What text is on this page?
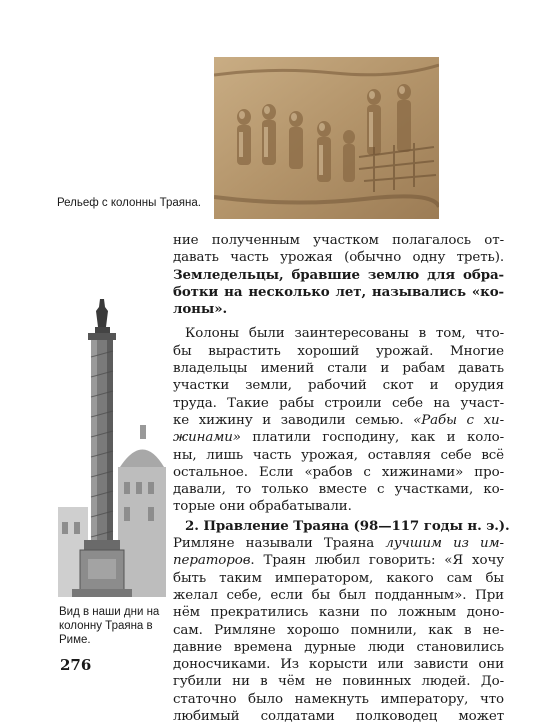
Рельеф с колонны Траяна.
Вид в наши дни на колонну Траяна в Риме.

ние полученным участком полагалось от-
давать часть урожая (обычно одну треть).
Земледельцы, бравшие землю для обра-
ботки на несколько лет, назывались «ко-
лоны».

Колоны были заинтересованы в том, что-
бы вырастить хороший урожай. Многие
владельцы имений стали и рабам давать
участки земли, рабочий скот и орудия
труда. Такие рабы строили себе на участ-
ке хижину и заводили семью. «Рабы с хи-
жинами» платили господину, как и коло-
ны, лишь часть урожая, оставляя себе всё
остальное. Если «рабов с хижинами» про-
давали, то только вместе с участками, ко-
торые они обрабатывали.

2. Правление Траяна (98—117 годы н. э.).
Римляне называли Траяна лучшим из им-
ператоров. Траян любил говорить: «Я хочу
быть таким императором, какого сам бы
желал себе, если бы был подданным». При
нём прекратились казни по ложным доно-
сам. Римляне хорошо помнили, как в не-
давние времена дурные люди становились
доносчиками. Из корысти или зависти они
губили ни в чём не повинных людей. До-
статочно было намекнуть императору, что
любимый солдатами полководец может

276
